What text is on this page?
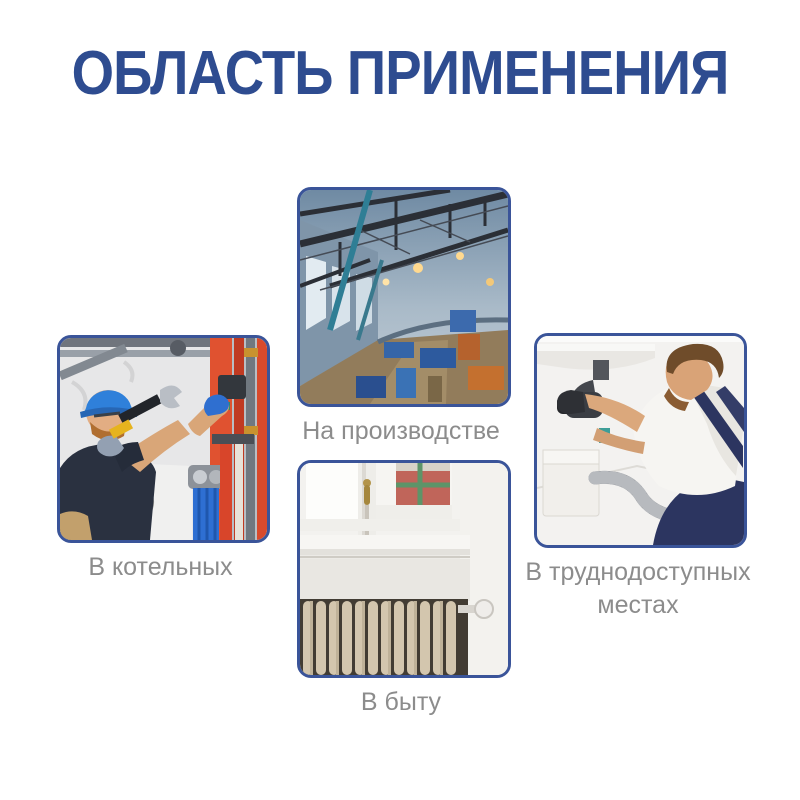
ОБЛАСТЬ ПРИМЕНЕНИЯ
На производстве
В котельных	В труднодоступных местах
В быту
